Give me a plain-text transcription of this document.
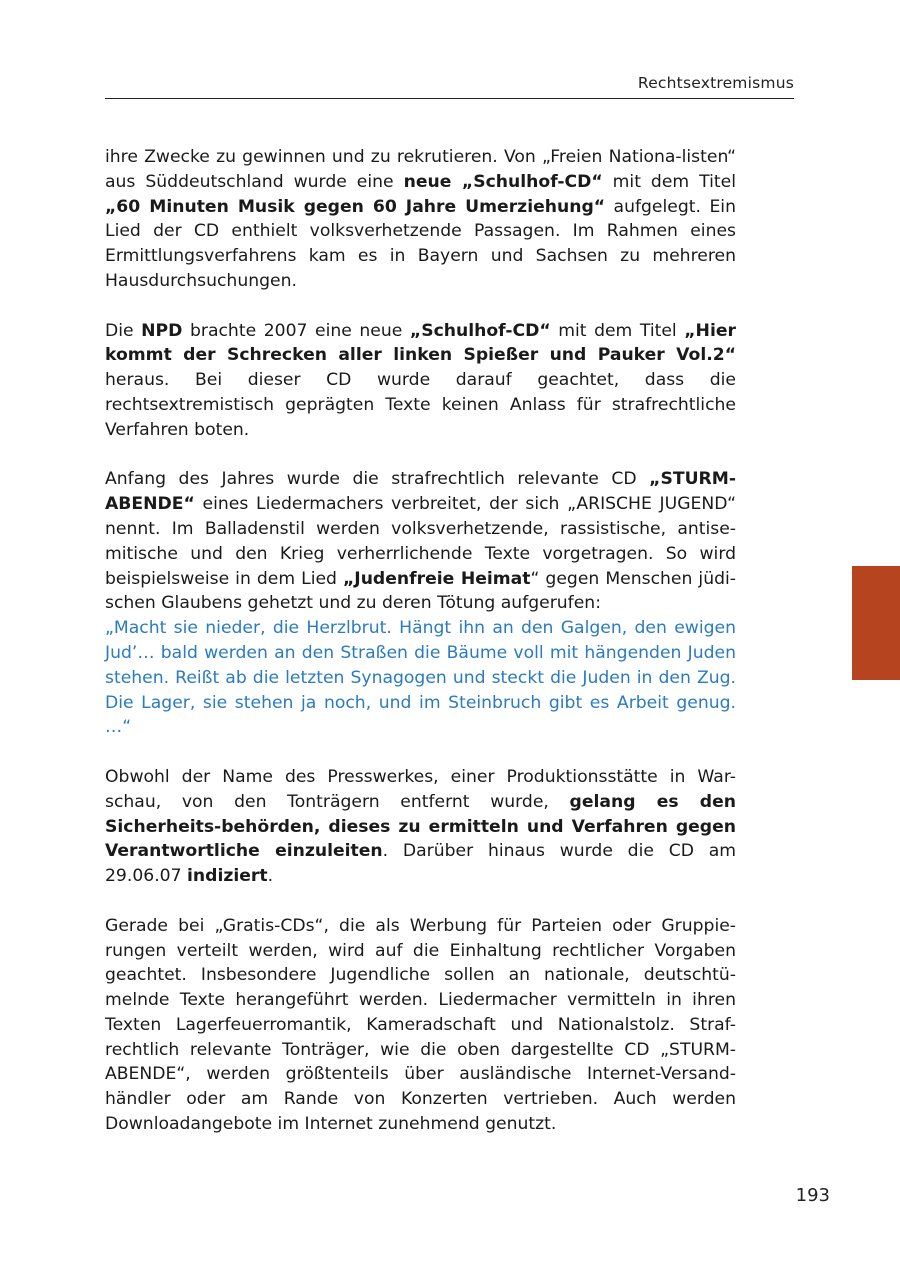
Rechtsextremismus

ihre Zwecke zu gewinnen und zu rekrutieren. Von „Freien Nationa-listen“ aus Süddeutschland wurde eine neue „Schulhof-CD“ mit dem Titel „60 Minuten Musik gegen 60 Jahre Umerziehung“ aufgelegt. Ein Lied der CD enthielt volksverhetzende Passagen. Im Rahmen eines Ermittlungsverfahrens kam es in Bayern und Sachsen zu mehreren Hausdurchsuchungen.

Die NPD brachte 2007 eine neue „Schulhof-CD“ mit dem Titel „Hier kommt der Schrecken aller linken Spießer und Pauker Vol.2“ heraus. Bei dieser CD wurde darauf geachtet, dass die rechtsextremistisch geprägten Texte keinen Anlass für strafrechtliche Verfahren boten.

Anfang des Jahres wurde die strafrechtlich relevante CD „STURM-ABENDE“ eines Liedermachers verbreitet, der sich „ARISCHE JUGEND“ nennt. Im Balladenstil werden volksverhetzende, rassistische, antise-mitische und den Krieg verherrlichende Texte vorgetragen. So wird beispielsweise in dem Lied „Judenfreie Heimat“ gegen Menschen jüdi-schen Glaubens gehetzt und zu deren Tötung aufgerufen:

„Macht sie nieder, die Herzlbrut. Hängt ihn an den Galgen, den ewigen Jud’… bald werden an den Straßen die Bäume voll mit hängenden Juden stehen. Reißt ab die letzten Synagogen und steckt die Juden in den Zug. Die Lager, sie stehen ja noch, und im Steinbruch gibt es Arbeit genug. …“

Obwohl der Name des Presswerkes, einer Produktionsstätte in War-schau, von den Tonträgern entfernt wurde, gelang es den Sicherheits-behörden, dieses zu ermitteln und Verfahren gegen Verantwortliche einzuleiten. Darüber hinaus wurde die CD am 29.06.07 indiziert.

Gerade bei „Gratis-CDs“, die als Werbung für Parteien oder Gruppie-rungen verteilt werden, wird auf die Einhaltung rechtlicher Vorgaben geachtet. Insbesondere Jugendliche sollen an nationale, deutschtü-melnde Texte herangeführt werden. Liedermacher vermitteln in ihren Texten Lagerfeuerromantik, Kameradschaft und Nationalstolz. Straf-rechtlich relevante Tonträger, wie die oben dargestellte CD „STURM-ABENDE“, werden größtenteils über ausländische Internet-Versand-händler oder am Rande von Konzerten vertrieben. Auch werden Downloadangebote im Internet zunehmend genutzt.

193
